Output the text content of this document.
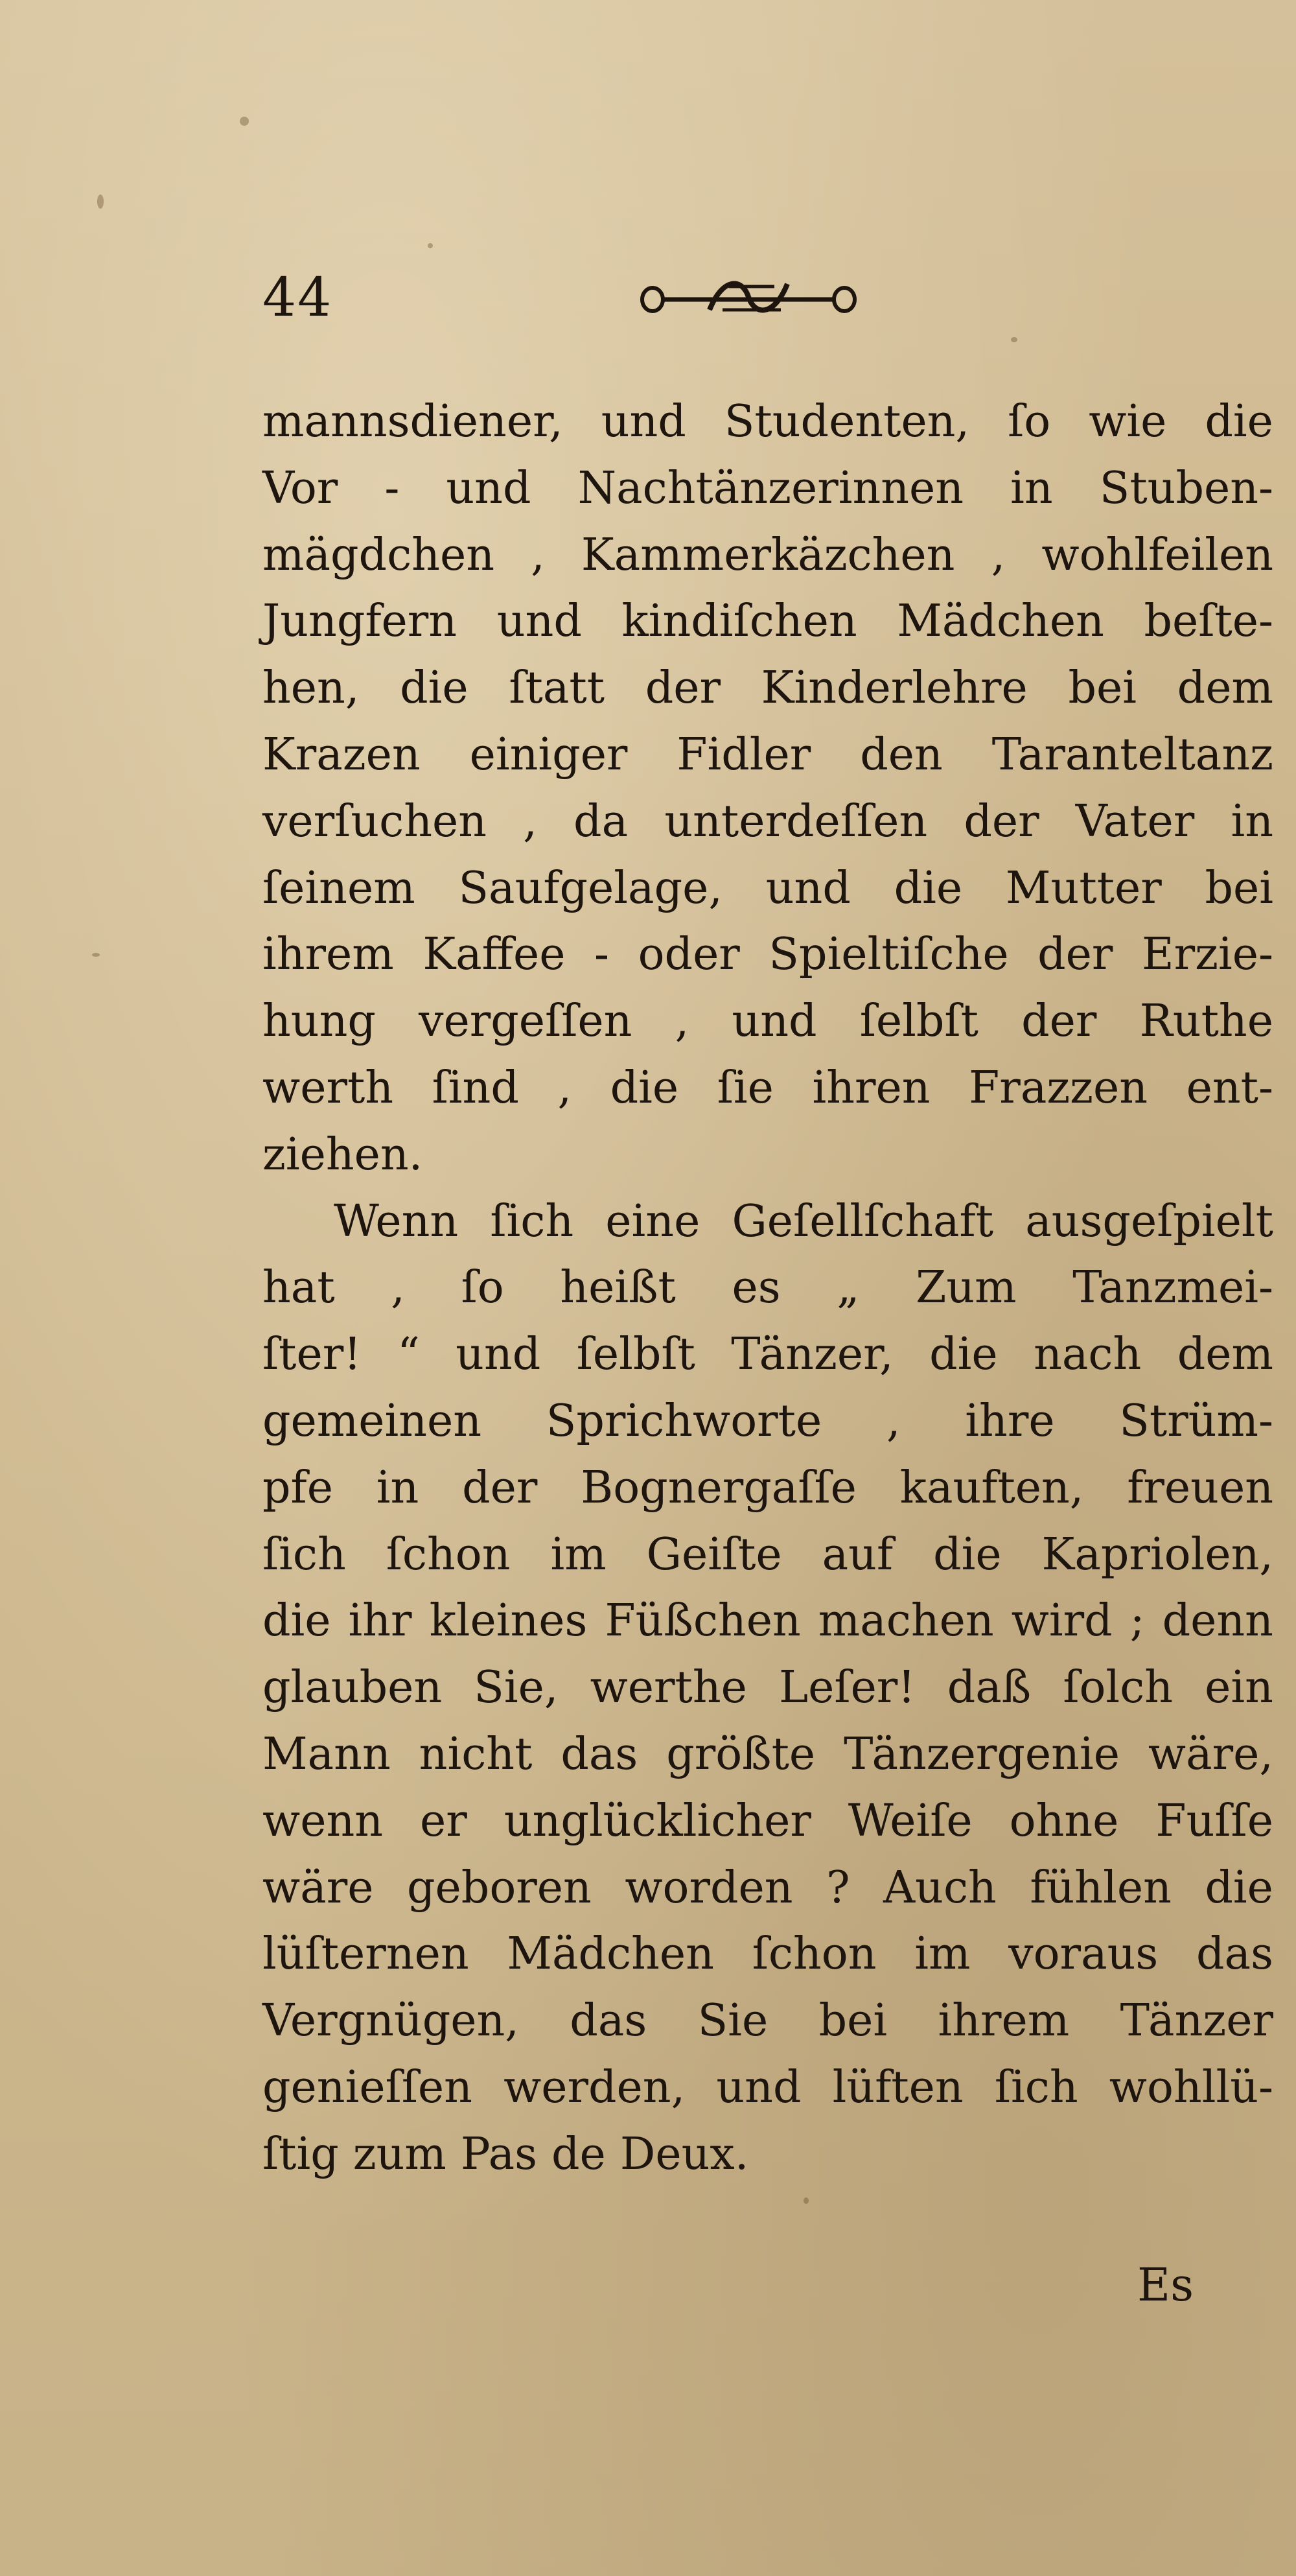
44
mannsdiener, und Studenten, ſo wie die
Vor - und Nachtänzerinnen in Stuben-
mägdchen , Kammerkäzchen , wohlfeilen
Jungfern und kindiſchen Mädchen beſte-
hen, die ſtatt der Kinderlehre bei dem
Krazen einiger Fidler den Taranteltanz
verſuchen , da unterdeſſen der Vater in
ſeinem Saufgelage, und die Mutter bei
ihrem Kaffee - oder Spieltiſche der Erzie-
hung vergeſſen , und ſelbſt der Ruthe
werth ſind , die ſie ihren Frazzen ent-
ziehen.
Wenn ſich eine Geſellſchaft ausgeſpielt
hat , ſo heißt es „ Zum Tanzmei-
ſter! “ und ſelbſt Tänzer, die nach dem
gemeinen Sprichworte , ihre Strüm-
pfe in der Bognergaſſe kauften, freuen
ſich ſchon im Geiſte auf die Kapriolen,
die ihr kleines Füßchen machen wird ; denn
glauben Sie, werthe Leſer! daß ſolch ein
Mann nicht das größte Tänzergenie wäre,
wenn er unglücklicher Weiſe ohne Fuſſe
wäre geboren worden ? Auch fühlen die
lüſternen Mädchen ſchon im voraus das
Vergnügen, das Sie bei ihrem Tänzer
genieſſen werden, und lüften ſich wohllü-
ſtig zum Pas de Deux.
Es
